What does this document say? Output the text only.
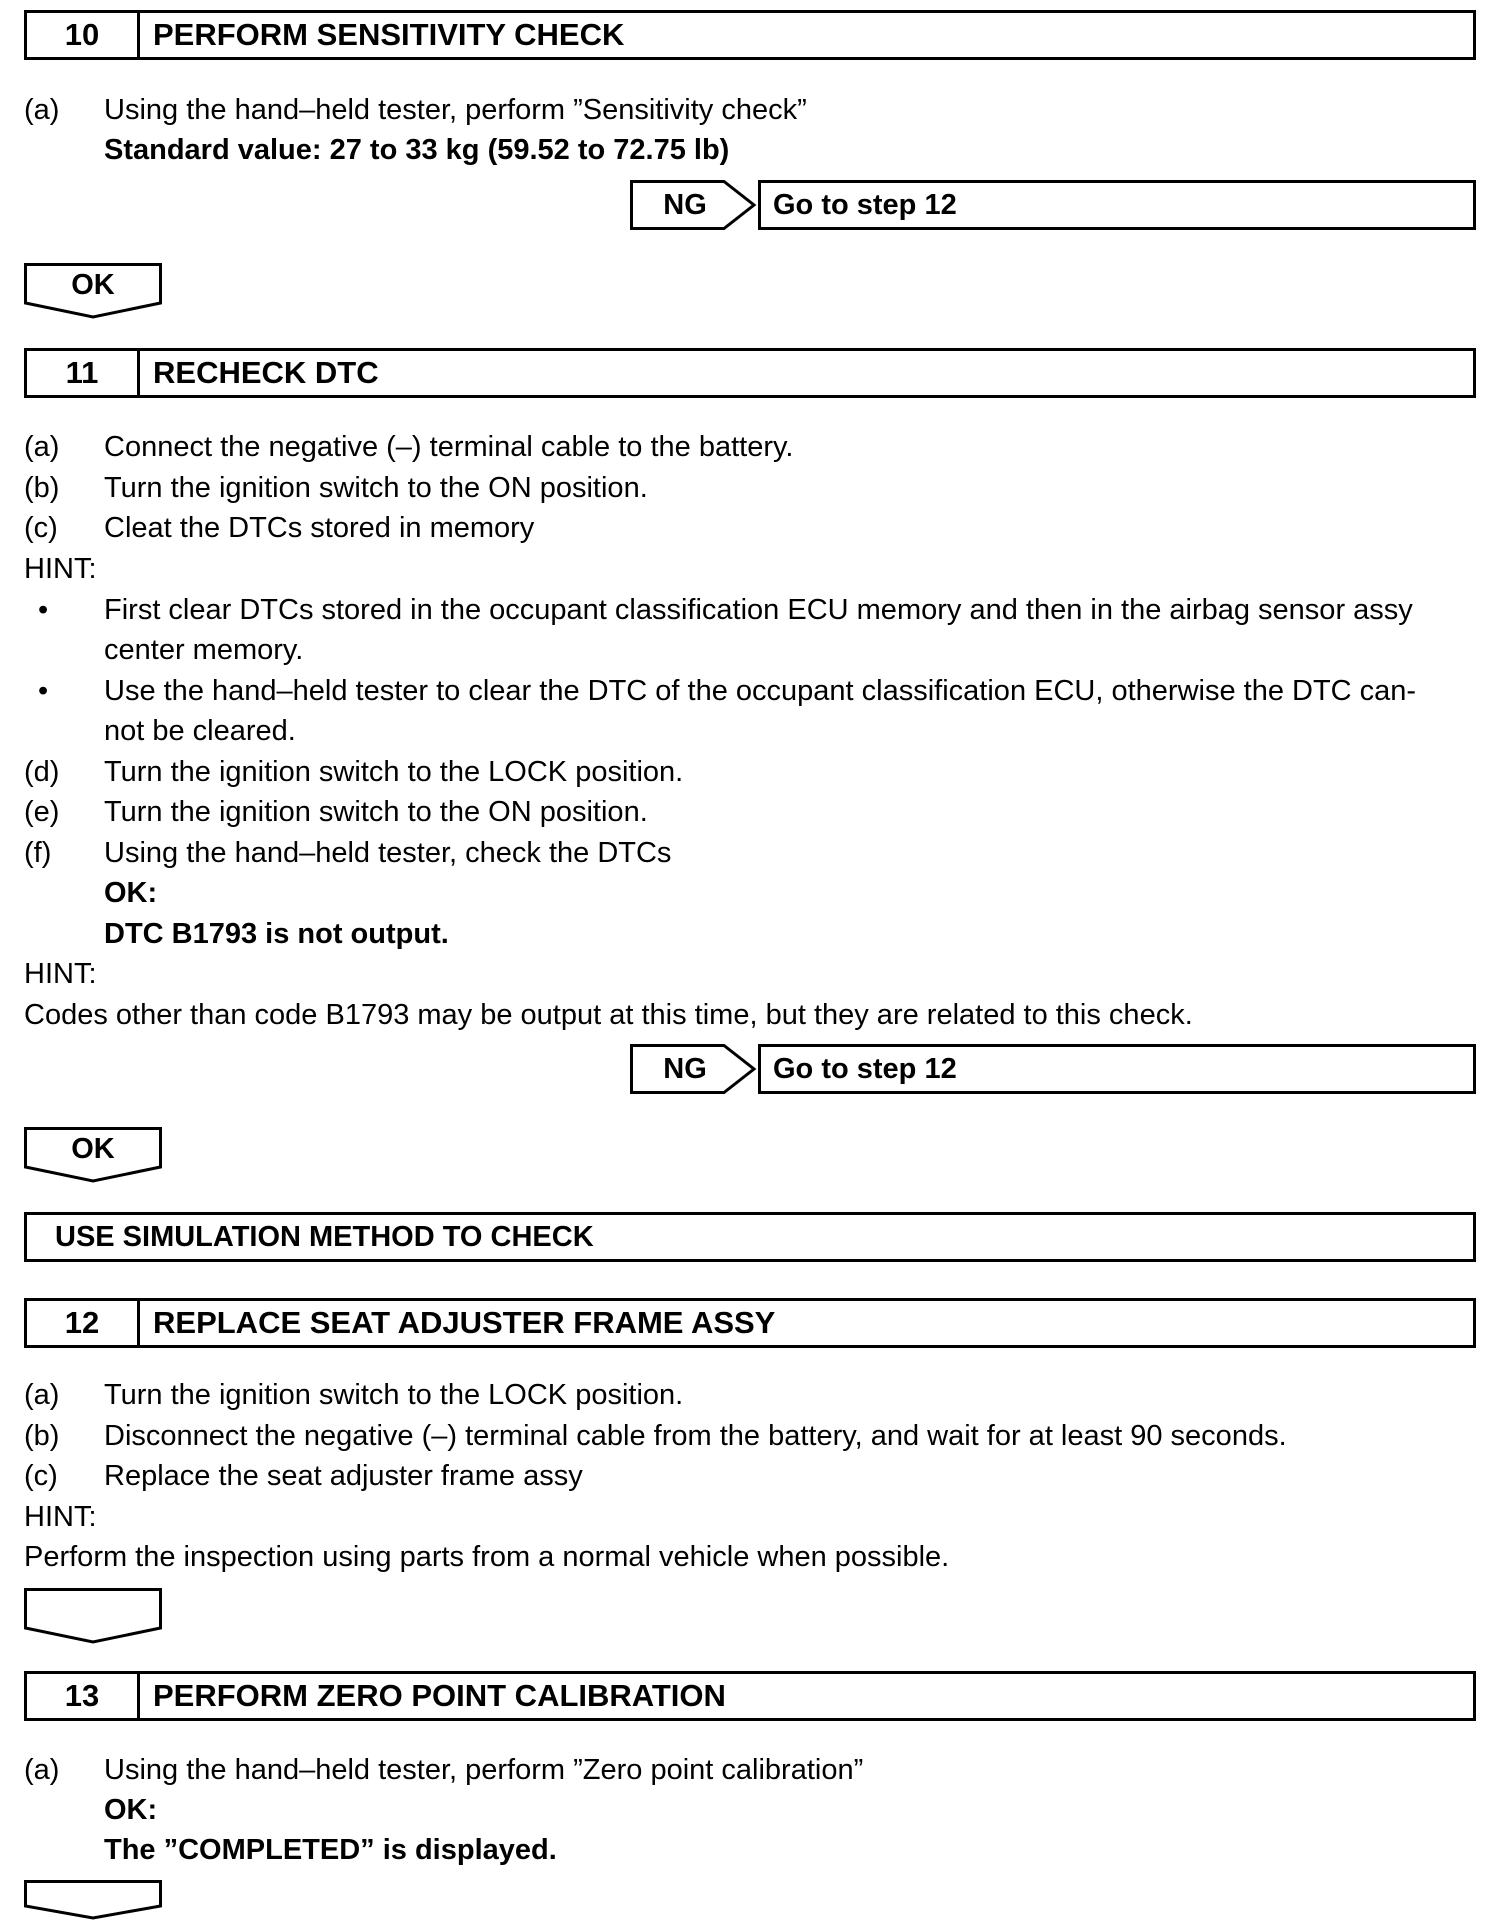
10	PERFORM SENSITIVITY CHECK
(a) Using the hand–held tester, perform ”Sensitivity check”
Standard value: 27 to 33 kg (59.52 to 72.75 lb)
NG	Go to step 12
OK
11	RECHECK DTC
(a) Connect the negative (–) terminal cable to the battery.
(b) Turn the ignition switch to the ON position.
(c) Cleat the DTCs stored in memory
HINT:
• First clear DTCs stored in the occupant classification ECU memory and then in the airbag sensor assy
center memory.
• Use the hand–held tester to clear the DTC of the occupant classification ECU, otherwise the DTC can-
not be cleared.
(d) Turn the ignition switch to the LOCK position.
(e) Turn the ignition switch to the ON position.
(f) Using the hand–held tester, check the DTCs
OK:
DTC B1793 is not output.
HINT:
Codes other than code B1793 may be output at this time, but they are related to this check.
NG	Go to step 12
OK
USE SIMULATION METHOD TO CHECK
12	REPLACE SEAT ADJUSTER FRAME ASSY
(a) Turn the ignition switch to the LOCK position.
(b) Disconnect the negative (–) terminal cable from the battery, and wait for at least 90 seconds.
(c) Replace the seat adjuster frame assy
HINT:
Perform the inspection using parts from a normal vehicle when possible.
13	PERFORM ZERO POINT CALIBRATION
(a) Using the hand–held tester, perform ”Zero point calibration”
OK:
The ”COMPLETED” is displayed.
